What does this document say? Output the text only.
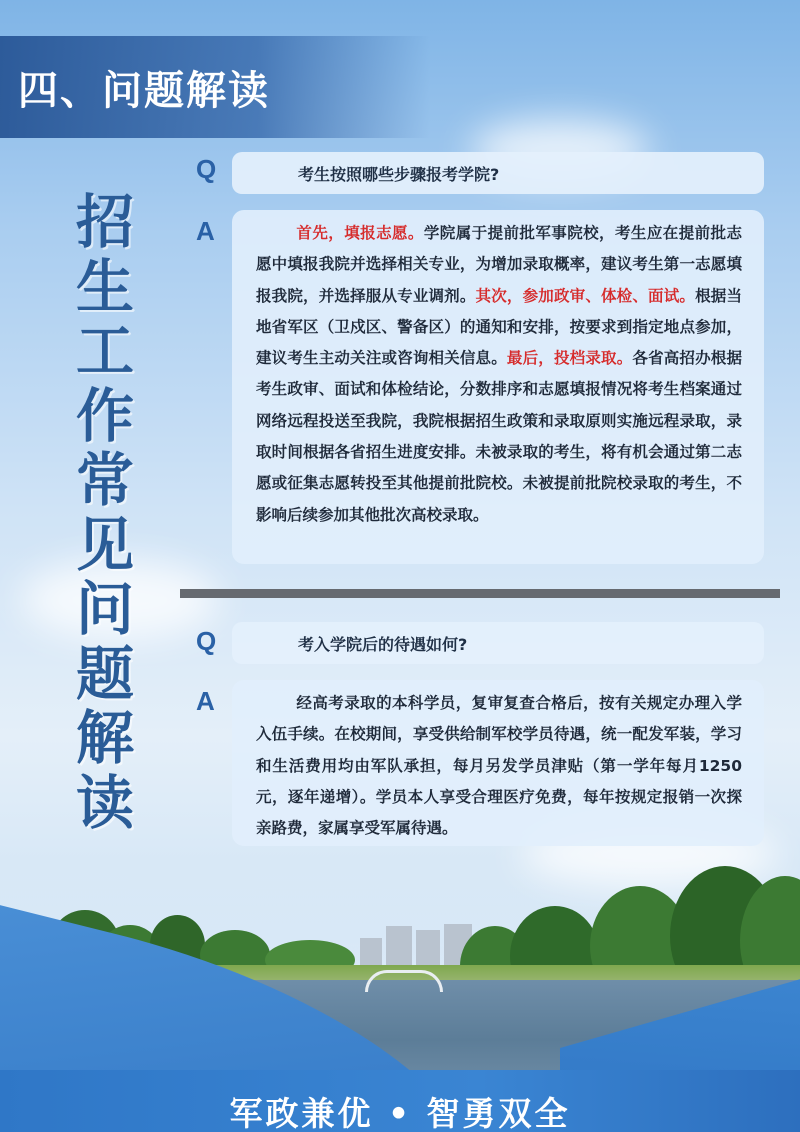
四、问题解读
招生工作常见问题解读
Q	考生按照哪些步骤报考学院?
A	首先，填报志愿。学院属于提前批军事院校，考生应在提前批志愿中填报我院并选择相关专业，为增加录取概率，建议考生第一志愿填报我院，并选择服从专业调剂。其次，参加政审、体检、面试。根据当地省军区（卫戍区、警备区）的通知和安排，按要求到指定地点参加，建议考生主动关注或咨询相关信息。最后，投档录取。各省高招办根据考生政审、面试和体检结论，分数排序和志愿填报情况将考生档案通过网络远程投送至我院，我院根据招生政策和录取原则实施远程录取，录取时间根据各省招生进度安排。未被录取的考生，将有机会通过第二志愿或征集志愿转投至其他提前批院校。未被提前批院校录取的考生，不影响后续参加其他批次高校录取。
Q	考入学院后的待遇如何?
A	经高考录取的本科学员，复审复查合格后，按有关规定办理入学入伍手续。在校期间，享受供给制军校学员待遇，统一配发军装，学习和生活费用均由军队承担，每月另发学员津贴（第一学年每月1250元，逐年递增）。学员本人享受合理医疗免费，每年按规定报销一次探亲路费，家属享受军属待遇。
军政兼优 • 智勇双全
